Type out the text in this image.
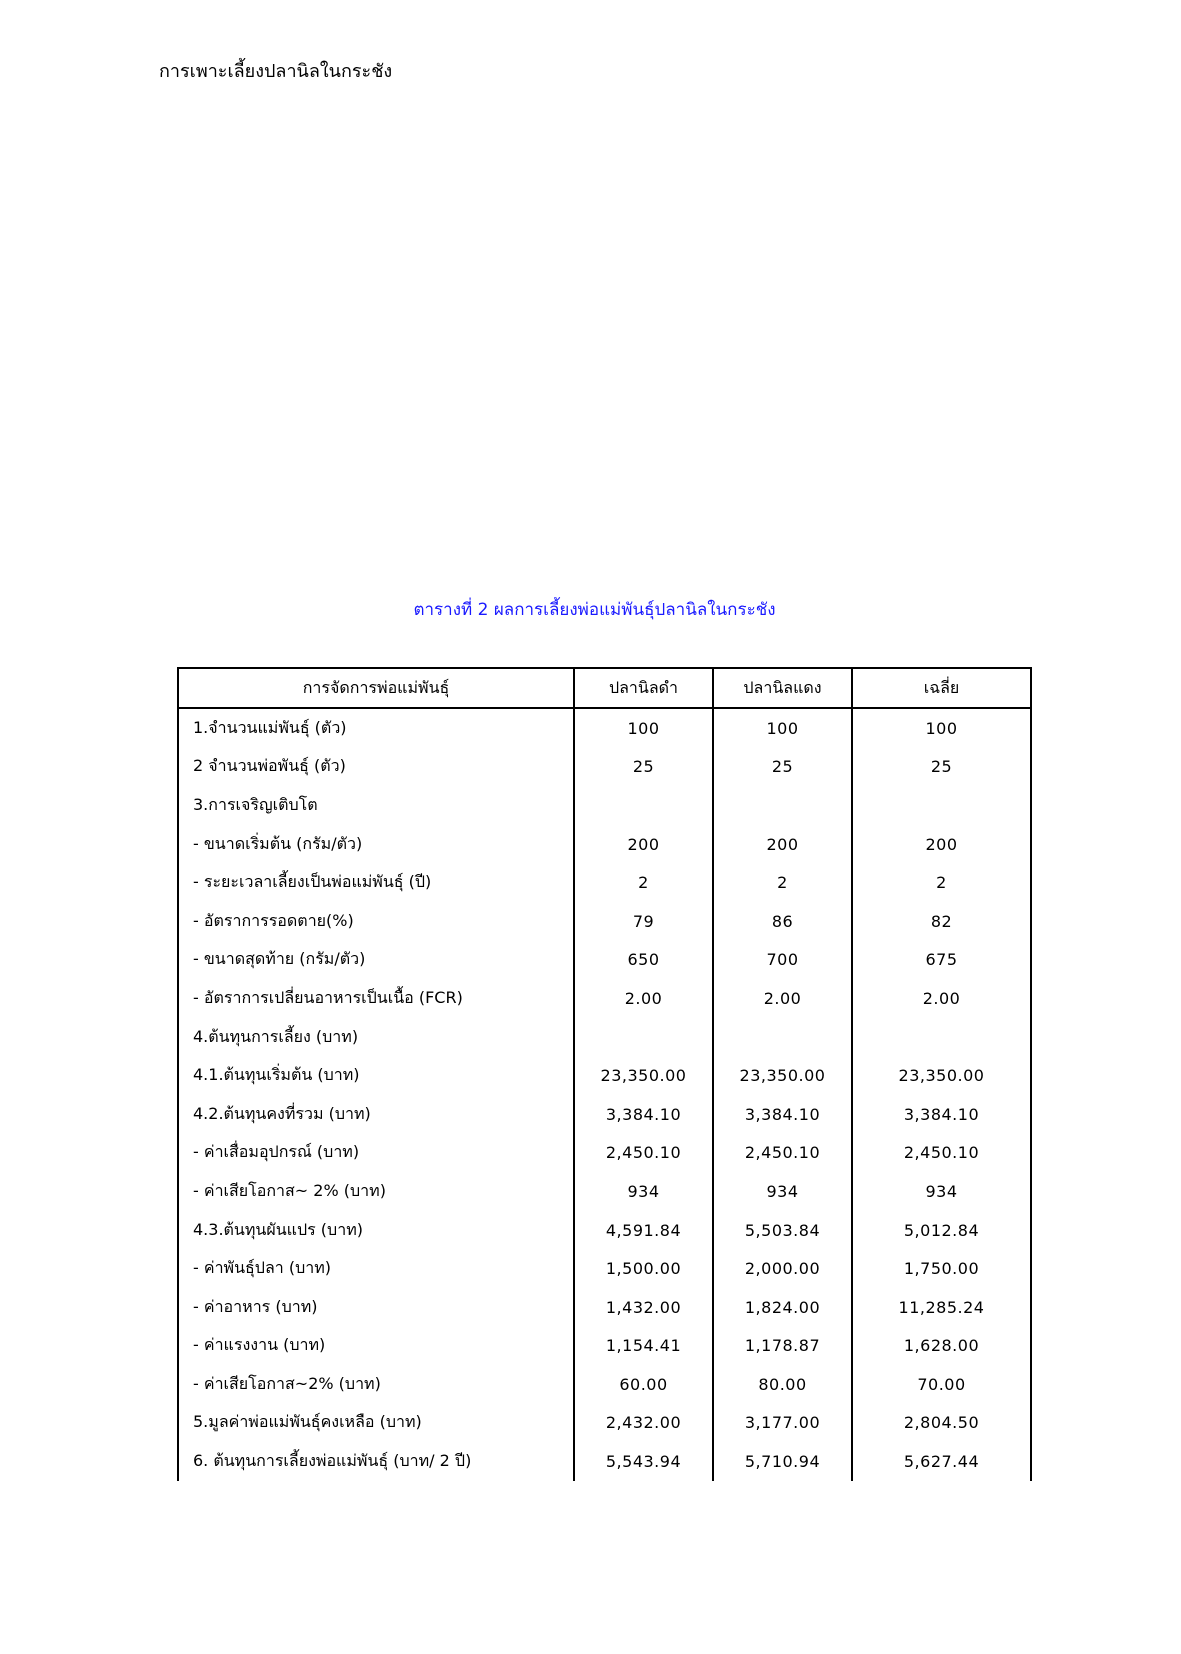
การเพาะเลี้ยงปลานิลในกระชัง
ตารางที่ 2 ผลการเลี้ยงพ่อแม่พันธุ์ปลานิลในกระชัง
การจัดการพ่อแม่พันธุ์	ปลานิลดำ	ปลานิลแดง	เฉลี่ย
1.จำนวนแม่พันธุ์ (ตัว)	100	100	100
2 จำนวนพ่อพันธุ์ (ตัว)	25	25	25
3.การเจริญเติบโต			
- ขนาดเริ่มต้น (กรัม/ตัว)	200	200	200
- ระยะเวลาเลี้ยงเป็นพ่อแม่พันธุ์ (ปี)	2	2	2
- อัตราการรอดตาย(%)	79	86	82
- ขนาดสุดท้าย (กรัม/ตัว)	650	700	675
- อัตราการเปลี่ยนอาหารเป็นเนื้อ (FCR)	2.00	2.00	2.00
4.ต้นทุนการเลี้ยง (บาท)			
4.1.ต้นทุนเริ่มต้น (บาท)	23,350.00	23,350.00	23,350.00
4.2.ต้นทุนคงที่รวม (บาท)	3,384.10	3,384.10	3,384.10
- ค่าเสื่อมอุปกรณ์ (บาท)	2,450.10	2,450.10	2,450.10
- ค่าเสียโอกาส~ 2% (บาท)	934	934	934
4.3.ต้นทุนผันแปร (บาท)	4,591.84	5,503.84	5,012.84
- ค่าพันธุ์ปลา (บาท)	1,500.00	2,000.00	1,750.00
- ค่าอาหาร (บาท)	1,432.00	1,824.00	11,285.24
- ค่าแรงงาน (บาท)	1,154.41	1,178.87	1,628.00
- ค่าเสียโอกาส~2% (บาท)	60.00	80.00	70.00
5.มูลค่าพ่อแม่พันธุ์คงเหลือ (บาท)	2,432.00	3,177.00	2,804.50
6. ต้นทุนการเลี้ยงพ่อแม่พันธุ์ (บาท/ 2 ปี)	5,543.94	5,710.94	5,627.44
